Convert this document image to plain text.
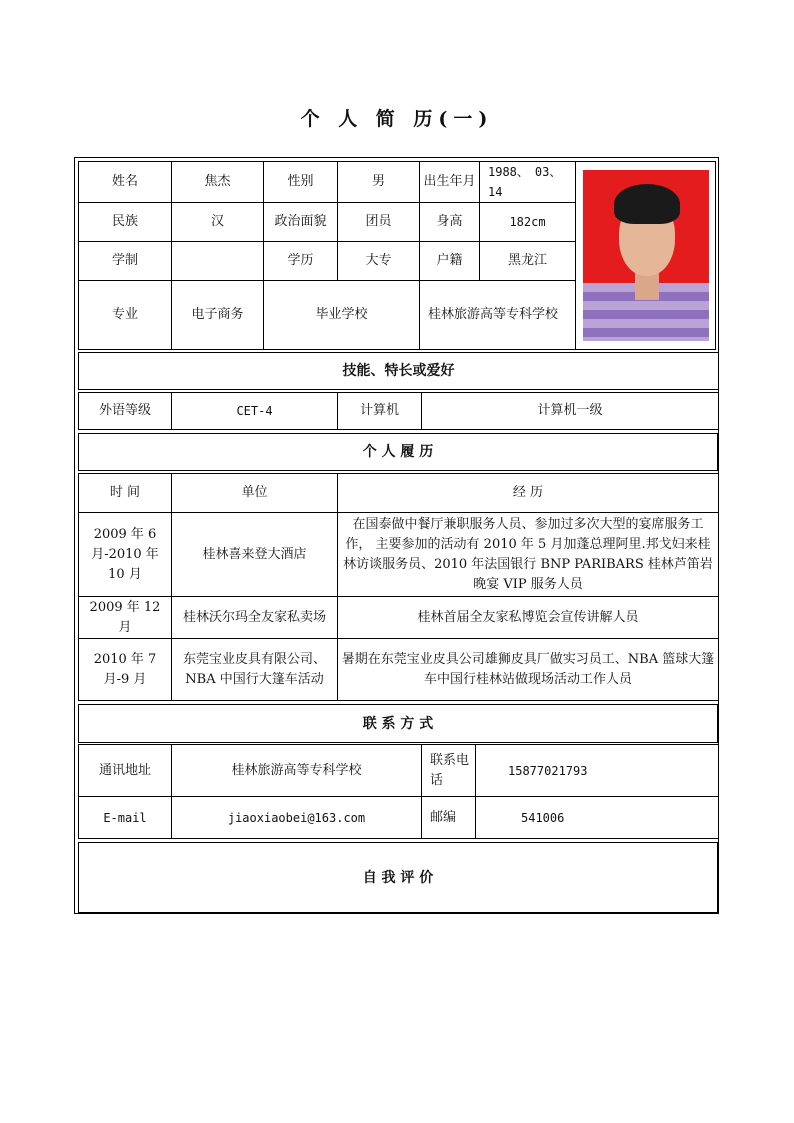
个 人 简 历(一)
姓名	焦杰	性别	男	出生年月	1988、　03、14	

民族	汉	政治面貌	团员	身高	182cm	
学制		学历	大专	户籍	黑龙江	
专业	电子商务	毕业学校		桂林旅游高等专科学校		
技能、特长或爱好
外语等级	CET-4	计算机	计算机一级
个 人 履 历
时 间	单位	经 历
2009 年 6 月-2010 年 10 月	桂林喜来登大酒店	在国泰做中餐厅兼职服务人员、参加过多次大型的宴席服务工作， 主要参加的活动有 2010 年 5 月加蓬总理阿里.邦戈妇来桂林访谈服务员、2010 年法国银行 BNP PARIBARS 桂林芦笛岩晚宴 VIP 服务人员
2009 年 12 月	桂林沃尔玛全友家私卖场	桂林首届全友家私博览会宣传讲解人员
2010 年 7 月-9 月	东莞宝业皮具有限公司、NBA 中国行大篷车活动	暑期在东莞宝业皮具公司雄狮皮具厂做实习员工、NBA 篮球大篷车中国行桂林站做现场活动工作人员
联 系 方 式
通讯地址	桂林旅游高等专科学校	联系电话	15877021793
E-mail	jiaoxiaobei@163.com	邮编	541006
自 我 评 价
